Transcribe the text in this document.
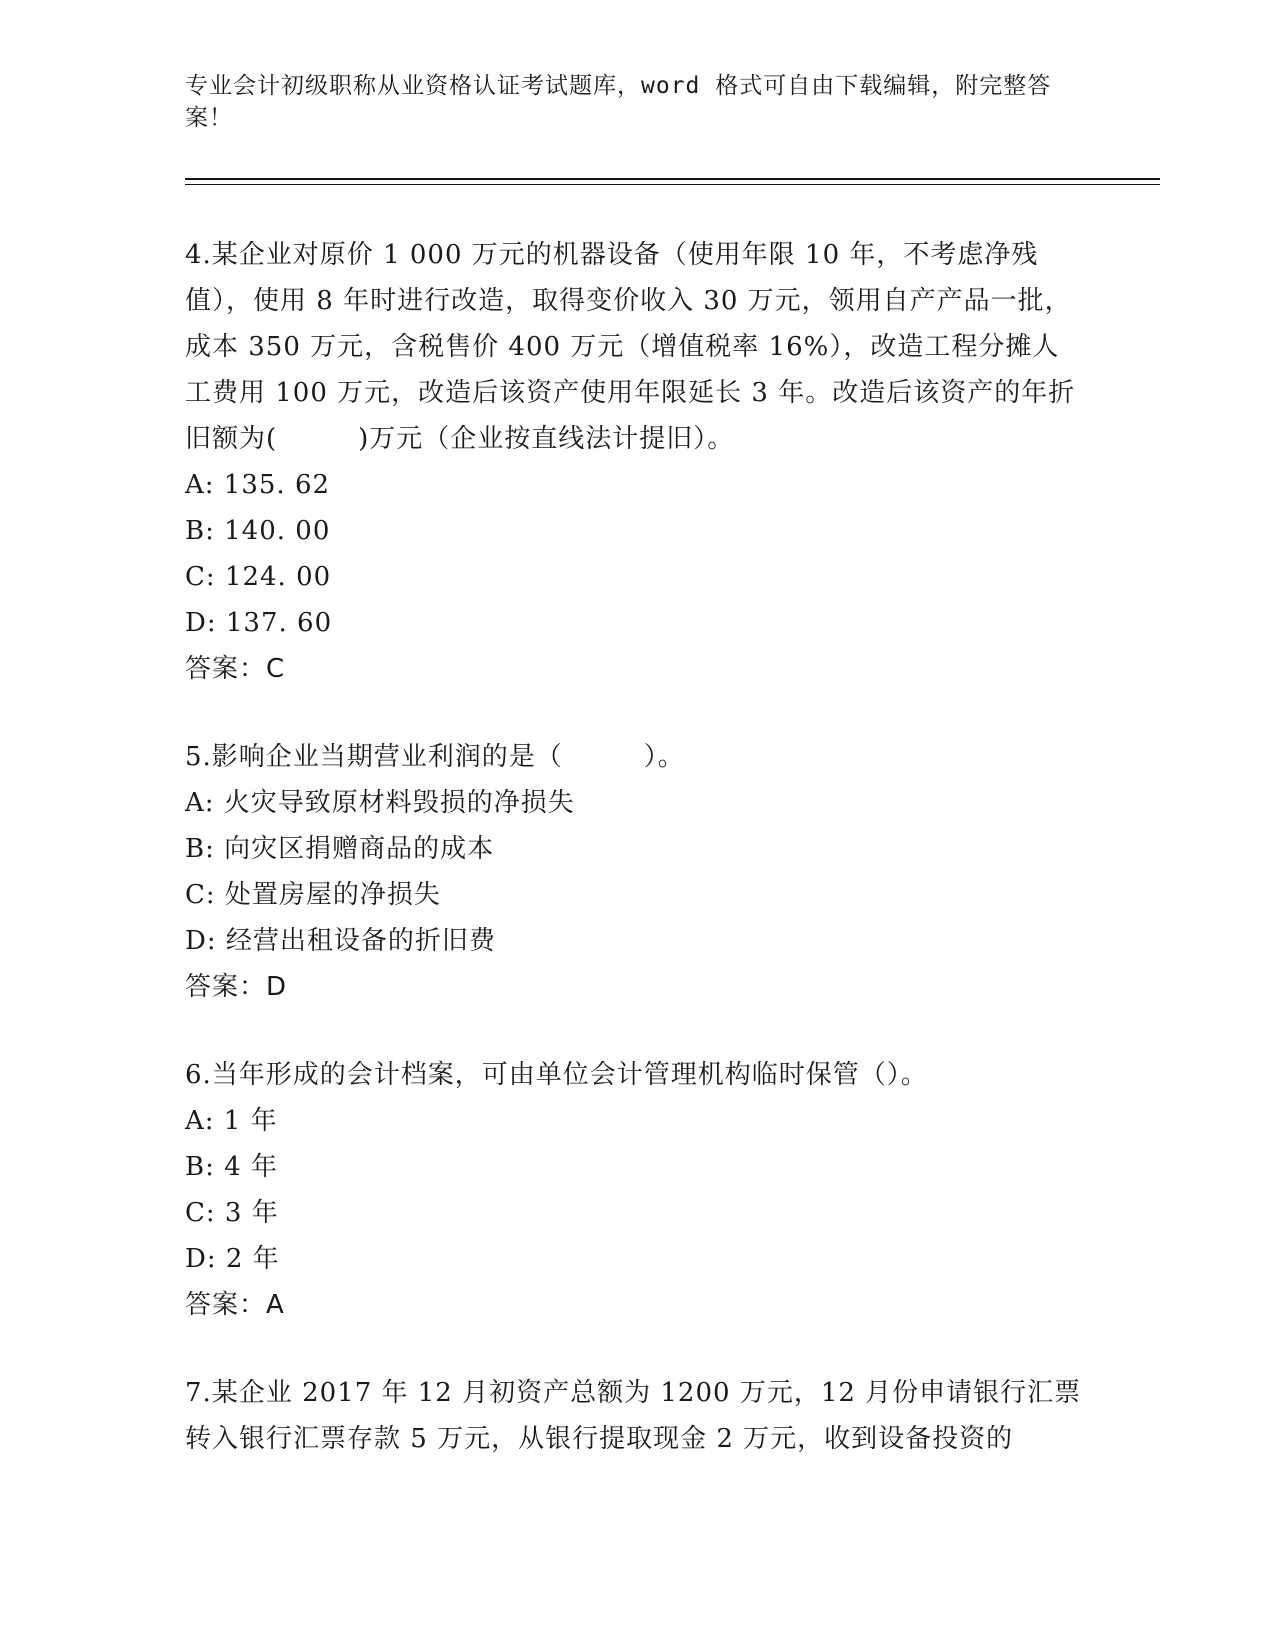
专业会计初级职称从业资格认证考试题库，word 格式可自由下载编辑，附完整答案！

4.某企业对原价 1 000 万元的机器设备（使用年限 10 年，不考虑净残值），使用 8 年时进行改造，取得变价收入 30 万元，领用自产产品一批，成本 350 万元，含税售价 400 万元（增值税率 16%），改造工程分摊人工费用 100 万元，改造后该资产使用年限延长 3 年。改造后该资产的年折旧额为(　　　)万元（企业按直线法计提旧）。

A: 135. 62

B: 140. 00

C: 124. 00

D: 137. 60

答案：C

5.影响企业当期营业利润的是（　　　）。

A: 火灾导致原材料毁损的净损失

B: 向灾区捐赠商品的成本

C: 处置房屋的净损失

D: 经营出租设备的折旧费

答案：D

6.当年形成的会计档案，可由单位会计管理机构临时保管（）。

A: 1 年

B: 4 年

C: 3 年

D: 2 年

答案：A

7.某企业 2017 年 12 月初资产总额为 1200 万元，12 月份申请银行汇票转入银行汇票存款 5 万元，从银行提取现金 2 万元，收到设备投资的
